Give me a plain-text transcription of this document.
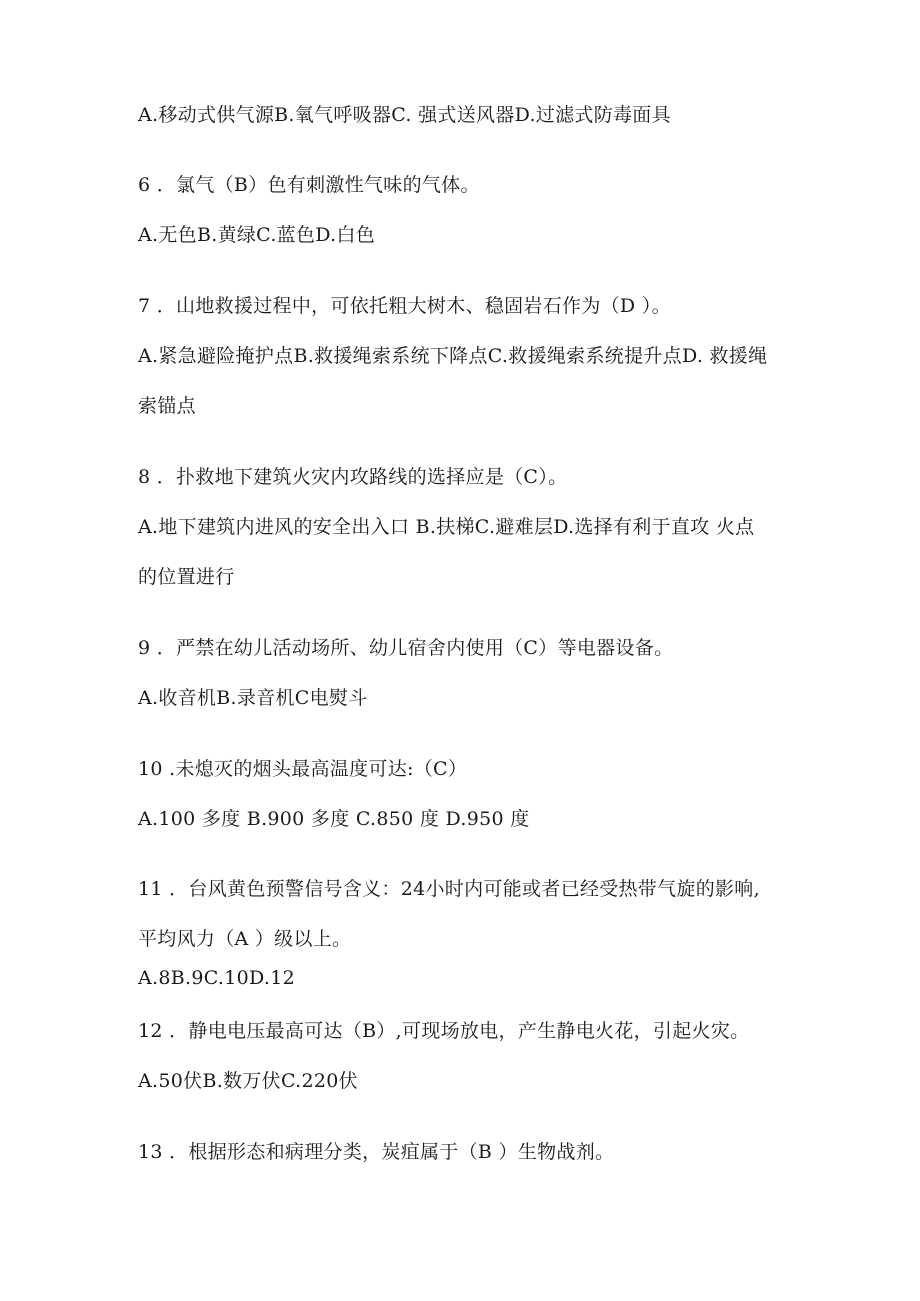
A.移动式供气源B.氧气呼吸器C. 强式送风器D.过滤式防毒面具
6 ．氯气（B）色有刺激性气味的气体。
A.无色B.黄绿C.蓝色D.白色
7 ．山地救援过程中，可依托粗大树木、稳固岩石作为（D ）。
A.紧急避险掩护点B.救援绳索系统下降点C.救援绳索系统提升点D. 救援绳
索锚点
8 ．扑救地下建筑火灾内攻路线的选择应是（C）。
A.地下建筑内进风的安全出入口 B.扶梯C.避难层D.选择有利于直攻 火点
的位置进行
9 ．严禁在幼儿活动场所、幼儿宿舍内使用（C）等电器设备。
A.收音机B.录音机C电熨斗
10 .未熄灭的烟头最高温度可达:（C）
A.100 多度 B.900 多度 C.850 度 D.950 度
11 ．台风黄色预警信号含义：24小时内可能或者已经受热带气旋的影响,
平均风力（A ）级以上。
A.8B.9C.10D.12
12 ．静电电压最高可达（B）,可现场放电，产生静电火花，引起火灾。
A.50伏B.数万伏C.220伏
13 ．根据形态和病理分类，炭疽属于（B ）生物战剂。
